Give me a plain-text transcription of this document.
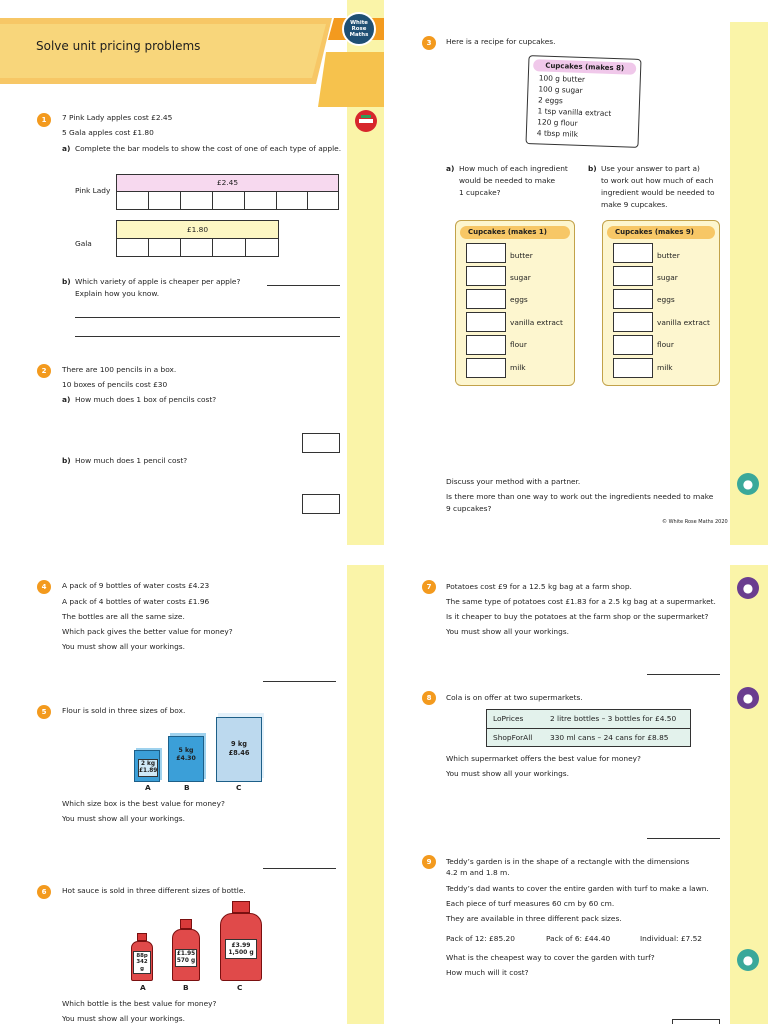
Solve unit pricing problems
White
Rose
Maths
1	7 Pink Lady apples cost £2.45
5 Gala apples cost £1.80
a) Complete the bar models to show the cost of one of each type of apple.
Pink Lady
£2.45
Gala
£1.80
b) Which variety of apple is cheaper per apple?
Explain how you know.
2	There are 100 pencils in a box.
10 boxes of pencils cost £30
a) How much does 1 box of pencils cost?
b) How much does 1 pencil cost?
3	Here is a recipe for cupcakes.
Cupcakes (makes 8)
100 g butter
100 g sugar
2 eggs
1 tsp vanilla extract
120 g flour
4 tbsp milk
a) How much of each ingredient
would be needed to make
1 cupcake?
b) Use your answer to part a)
to work out how much of each
ingredient would be needed to
make 9 cupcakes.
Cupcakes (makes 1)
butter
sugar
eggs
vanilla extract
flour
milk
Cupcakes (makes 9)
butter
sugar
eggs
vanilla extract
flour
milk
Discuss your method with a partner.
Is there more than one way to work out the ingredients needed to make
9 cupcakes?
© White Rose Maths 2020
●
4	A pack of 9 bottles of water costs £4.23
A pack of 4 bottles of water costs £1.96
The bottles are all the same size.
Which pack gives the better value for money?
You must show all your workings.
5	Flour is sold in three sizes of box.
2 kg
£1.89
A
5 kg
£4.30
B
9 kg
£8.46
C
Which size box is the best value for money?
You must show all your workings.
6	Hot sauce is sold in three different sizes of bottle.
88p
342 g
A
£1.95
570 g
B
£3.99
1,500 g
C
Which bottle is the best value for money?
You must show all your workings.
7	Potatoes cost £9 for a 12.5 kg bag at a farm shop.
The same type of potatoes cost £1.83 for a 2.5 kg bag at a supermarket.
Is it cheaper to buy the potatoes at the farm shop or the supermarket?
You must show all your workings.
●
8	Cola is on offer at two supermarkets.	●
LoPrices	2 litre bottles – 3 bottles for £4.50
ShopForAll 330 ml cans – 24 cans for £8.85
Which supermarket offers the best value for money?
You must show all your workings.
9	Teddy’s garden is in the shape of a rectangle with the dimensions
4.2 m and 1.8 m.
Teddy’s dad wants to cover the entire garden with turf to make a lawn.
Each piece of turf measures 60 cm by 60 cm.
They are available in three different pack sizes.
Pack of 12: £85.20	Pack of 6: £44.40	Individual: £7.52
What is the cheapest way to cover the garden with turf?
How much will it cost?
●
